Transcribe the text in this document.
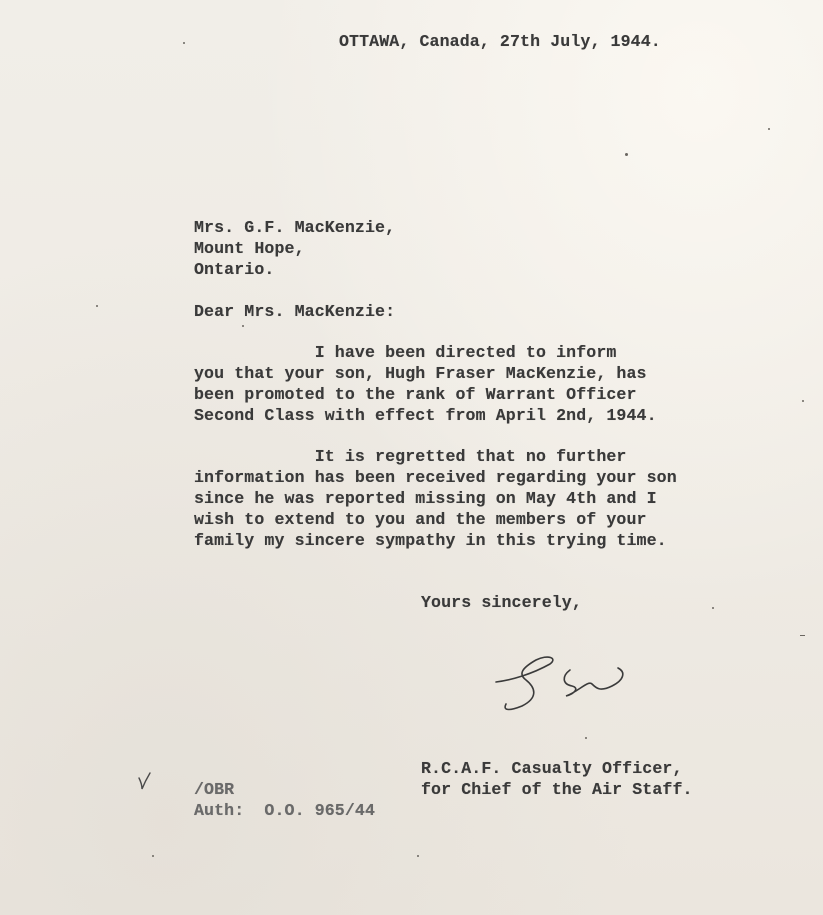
OTTAWA, Canada, 27th July, 1944.
Mrs. G.F. MacKenzie,
Mount Hope,
Ontario.
Dear Mrs. MacKenzie:
I have been directed to inform
you that your son, Hugh Fraser MacKenzie, has
been promoted to the rank of Warrant Officer
Second Class with effect from April 2nd, 1944.
It is regretted that no further
information has been received regarding your son
since he was reported missing on May 4th and I
wish to extend to you and the members of your
family my sincere sympathy in this trying time.
Yours sincerely,
R.C.A.F. Casualty Officer,
for Chief of the Air Staff.
/OBR
Auth:  O.O. 965/44
